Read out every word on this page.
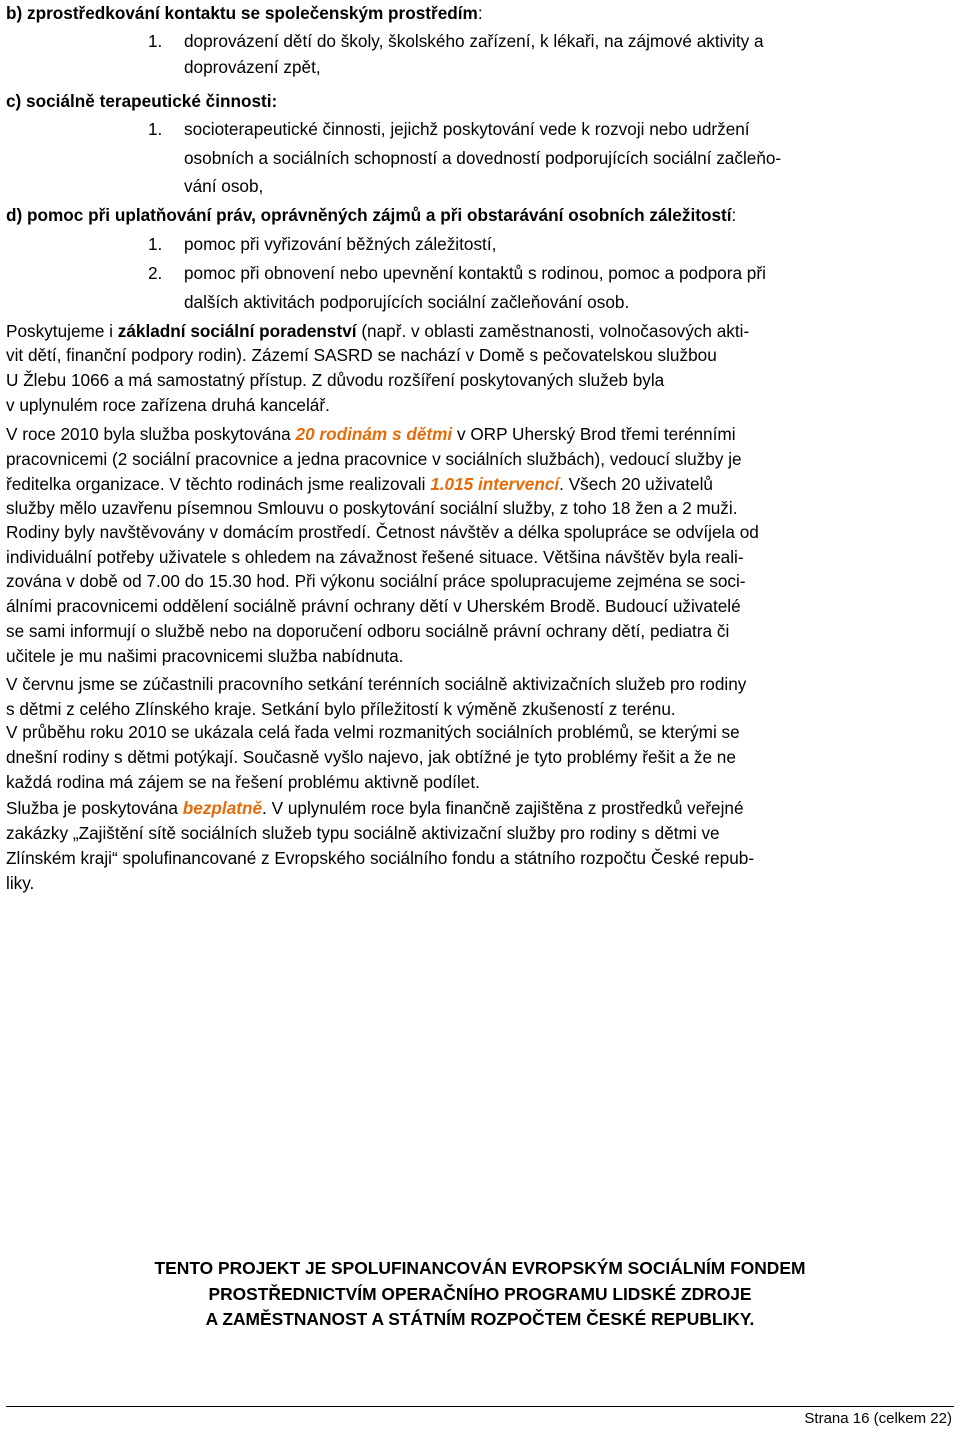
b) zprostředkování kontaktu se společenským prostředím:
1. doprovázení dětí do školy, školského zařízení, k lékaři, na zájmové aktivity a
doprovázení zpět,
c) sociálně terapeutické činnosti:
1. socioterapeutické činnosti, jejichž poskytování vede k rozvoji nebo udržení
osobních a sociálních schopností a dovedností podporujících sociální začleňo-
vání osob,
d) pomoc při uplatňování práv, oprávněných zájmů a při obstarávání osobních záležitostí:
1. pomoc při vyřizování běžných záležitostí,
2. pomoc při obnovení nebo upevnění kontaktů s rodinou, pomoc a podpora při
dalších aktivitách podporujících sociální začleňování osob.
Poskytujeme i základní sociální poradenství (např. v oblasti zaměstnanosti, volnočasových akti-
vit dětí, finanční podpory rodin). Zázemí SASRD se nachází v Domě s pečovatelskou službou
U Žlebu 1066 a má samostatný přístup. Z důvodu rozšíření poskytovaných služeb byla
v uplynulém roce zařízena druhá kancelář.
V roce 2010 byla služba poskytována 20 rodinám s dětmi v ORP Uherský Brod třemi terénními
pracovnicemi (2 sociální pracovnice a jedna pracovnice v sociálních službách), vedoucí služby je
ředitelka organizace. V těchto rodinách jsme realizovali 1.015 intervencí. Všech 20 uživatelů
služby mělo uzavřenu písemnou Smlouvu o poskytování sociální služby, z toho 18 žen a 2 muži.
Rodiny byly navštěvovány v domácím prostředí. Četnost návštěv a délka spolupráce se odvíjela od
individuální potřeby uživatele s ohledem na závažnost řešené situace. Většina návštěv byla reali-
zována v době od 7.00 do 15.30 hod. Při výkonu sociální práce spolupracujeme zejména se soci-
álními pracovnicemi oddělení sociálně právní ochrany dětí v Uherském Brodě. Budoucí uživatelé
se sami informují o službě nebo na doporučení odboru sociálně právní ochrany dětí, pediatra či
učitele je mu našimi pracovnicemi služba nabídnuta.
V červnu jsme se zúčastnili pracovního setkání terénních sociálně aktivizačních služeb pro rodiny
s dětmi z celého Zlínského kraje. Setkání bylo příležitostí k výměně zkušeností z terénu.
V průběhu roku 2010 se ukázala celá řada velmi rozmanitých sociálních problémů, se kterými se
dnešní rodiny s dětmi potýkají. Současně vyšlo najevo, jak obtížné je tyto problémy řešit a že ne
každá rodina má zájem se na řešení problému aktivně podílet.
Služba je poskytována bezplatně. V uplynulém roce byla finančně zajištěna z prostředků veřejné
zakázky „Zajištění sítě sociálních služeb typu sociálně aktivizační služby pro rodiny s dětmi ve
Zlínském kraji“ spolufinancované z Evropského sociálního fondu a státního rozpočtu České repub-
liky.
TENTO PROJEKT JE SPOLUFINANCOVÁN EVROPSKÝM SOCIÁLNÍM FONDEM
PROSTŘEDNICTVÍM OPERAČNÍHO PROGRAMU LIDSKÉ ZDROJE
A ZAMĚSTNANOST A STÁTNÍM ROZPOČTEM ČESKÉ REPUBLIKY.
Strana 16 (celkem 22)
